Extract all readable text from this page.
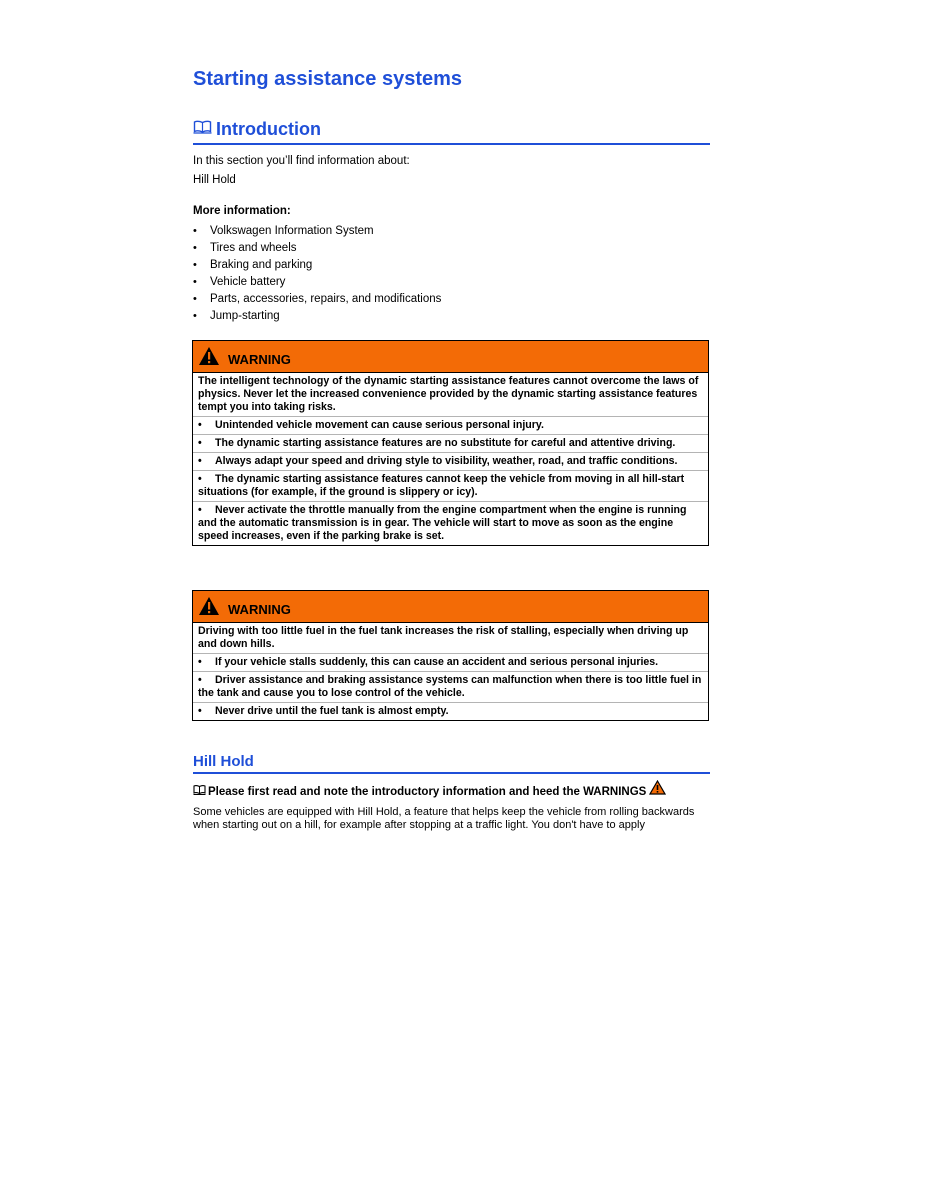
Starting assistance systems
Introduction

In this section you’ll find information about:

Hill Hold

More information:

• Volkswagen Information System
• Tires and wheels
• Braking and parking
• Vehicle battery
• Parts, accessories, repairs, and modifications
• Jump-starting
WARNING
The intelligent technology of the dynamic starting assistance features cannot overcome the laws of physics. Never let the increased convenience provided by the dynamic starting assistance features tempt you into taking risks.
• Unintended vehicle movement can cause serious personal injury.
• The dynamic starting assistance features are no substitute for careful and attentive driving.
• Always adapt your speed and driving style to visibility, weather, road, and traffic conditions.
• The dynamic starting assistance features cannot keep the vehicle from moving in all hill-start situations (for example, if the ground is slippery or icy).
• Never activate the throttle manually from the engine compartment when the engine is running and the automatic transmission is in gear. The vehicle will start to move as soon as the engine speed increases, even if the parking brake is set.
WARNING
Driving with too little fuel in the fuel tank increases the risk of stalling, especially when driving up and down hills.
• If your vehicle stalls suddenly, this can cause an accident and serious personal injuries.
• Driver assistance and braking assistance systems can malfunction when there is too little fuel in the tank and cause you to lose control of the vehicle.
• Never drive until the fuel tank is almost empty.
Hill Hold

Please first read and note the introductory information and heed the WARNINGS

Some vehicles are equipped with Hill Hold, a feature that helps keep the vehicle from rolling backwards when starting out on a hill, for example after stopping at a traffic light. You don't have to apply
